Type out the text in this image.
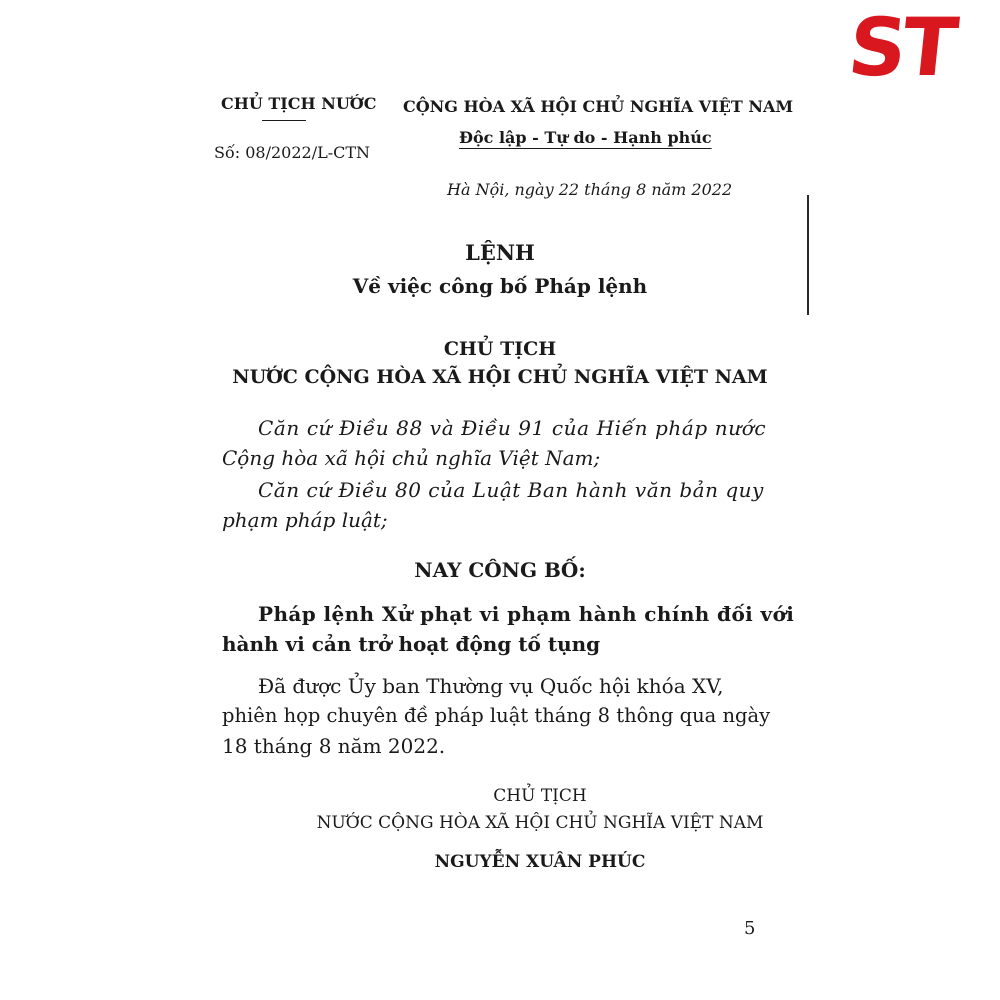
ST
CHỦ TỊCH NƯỚC
Số: 08/2022/L-CTN
CỘNG HÒA XÃ HỘI CHỦ NGHĨA VIỆT NAM
Độc lập - Tự do - Hạnh phúc
Hà Nội, ngày 22 tháng 8 năm 2022
LỆNH
Về việc công bố Pháp lệnh
CHỦ TỊCH
NƯỚC CỘNG HÒA XÃ HỘI CHỦ NGHĨA VIỆT NAM
Căn cứ Điều 88 và Điều 91 của Hiến pháp nước
Cộng hòa xã hội chủ nghĩa Việt Nam;
Căn cứ Điều 80 của Luật Ban hành văn bản quy
phạm pháp luật;
NAY CÔNG BỐ:
Pháp lệnh Xử phạt vi phạm hành chính đối với
hành vi cản trở hoạt động tố tụng
Đã được Ủy ban Thường vụ Quốc hội khóa XV,
phiên họp chuyên đề pháp luật tháng 8 thông qua ngày
18 tháng 8 năm 2022.
CHỦ TỊCH
NƯỚC CỘNG HÒA XÃ HỘI CHỦ NGHĨA VIỆT NAM
NGUYỄN XUÂN PHÚC
5
